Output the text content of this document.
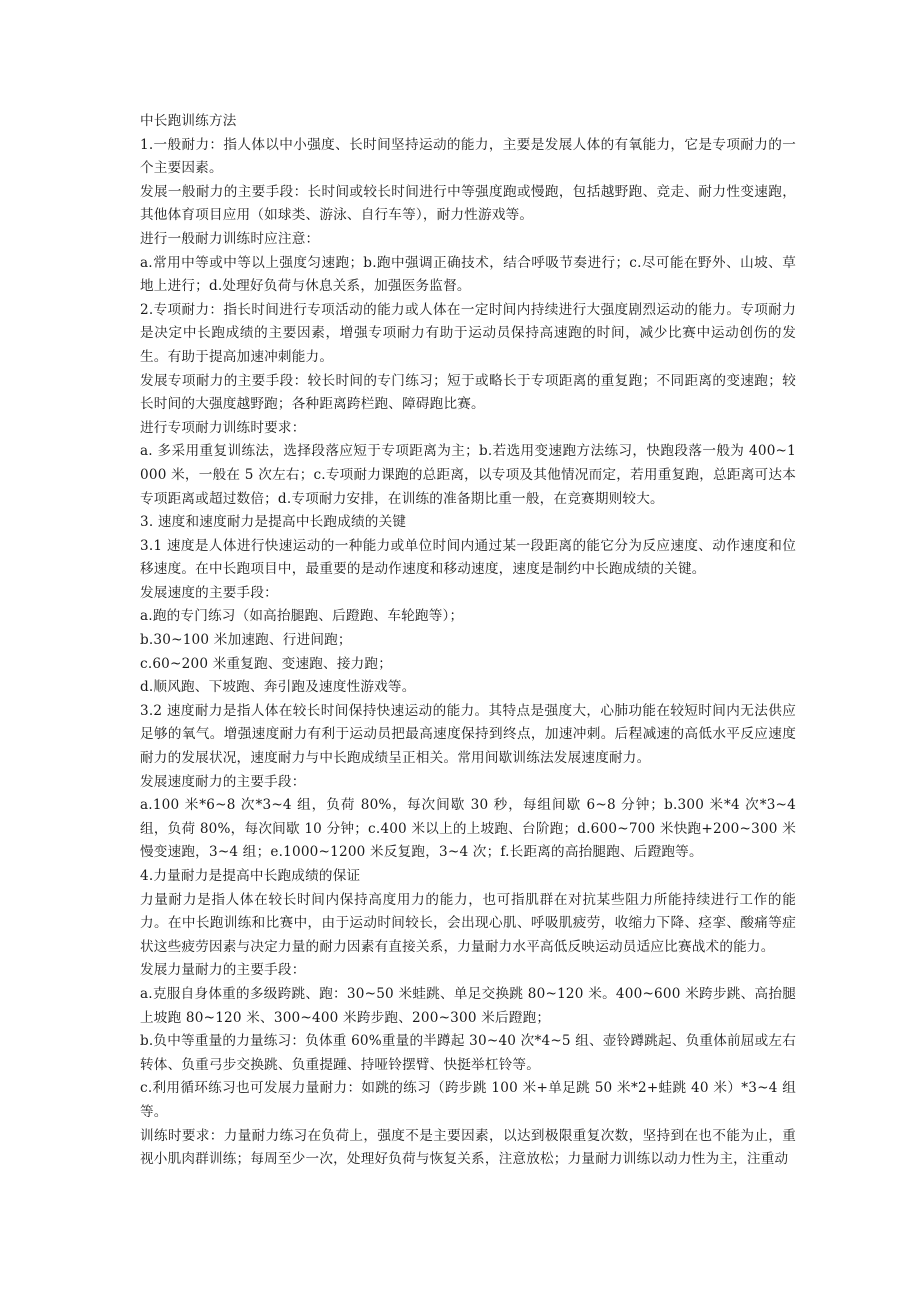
中长跑训练方法

1.一般耐力：指人体以中小强度、长时间坚持运动的能力，主要是发展人体的有氧能力，它是专项耐力的一个主要因素。

发展一般耐力的主要手段：长时间或较长时间进行中等强度跑或慢跑，包括越野跑、竞走、耐力性变速跑，其他体育项目应用（如球类、游泳、自行车等），耐力性游戏等。

进行一般耐力训练时应注意：

a.常用中等或中等以上强度匀速跑；b.跑中强调正确技术，结合呼吸节奏进行；c.尽可能在野外、山坡、草地上进行；d.处理好负荷与休息关系，加强医务监督。

2.专项耐力：指长时间进行专项活动的能力或人体在一定时间内持续进行大强度剧烈运动的能力。专项耐力是决定中长跑成绩的主要因素，增强专项耐力有助于运动员保持高速跑的时间，减少比赛中运动创伤的发生。有助于提高加速冲刺能力。

发展专项耐力的主要手段：较长时间的专门练习；短于或略长于专项距离的重复跑；不同距离的变速跑；较长时间的大强度越野跑；各种距离跨栏跑、障碍跑比赛。

进行专项耐力训练时要求：

a. 多采用重复训练法，选择段落应短于专项距离为主；b.若选用变速跑方法练习，快跑段落一般为 400~1000 米，一般在 5 次左右；c.专项耐力课跑的总距离，以专项及其他情况而定，若用重复跑，总距离可达本专项距离或超过数倍；d.专项耐力安排，在训练的准备期比重一般，在竞赛期则较大。

3. 速度和速度耐力是提高中长跑成绩的关键

3.1 速度是人体进行快速运动的一种能力或单位时间内通过某一段距离的能它分为反应速度、动作速度和位移速度。在中长跑项目中，最重要的是动作速度和移动速度，速度是制约中长跑成绩的关键。

发展速度的主要手段：

a.跑的专门练习（如高抬腿跑、后蹬跑、车轮跑等）；

b.30~100 米加速跑、行进间跑；

c.60~200 米重复跑、变速跑、接力跑；

d.顺风跑、下坡跑、奔引跑及速度性游戏等。

3.2 速度耐力是指人体在较长时间保持快速运动的能力。其特点是强度大，心肺功能在较短时间内无法供应足够的氧气。增强速度耐力有利于运动员把最高速度保持到终点，加速冲刺。后程减速的高低水平反应速度耐力的发展状况，速度耐力与中长跑成绩呈正相关。常用间歇训练法发展速度耐力。

发展速度耐力的主要手段：

a.100 米*6~8 次*3~4 组，负荷 80%，每次间歇 30 秒，每组间歇 6~8 分钟；b.300 米*4 次*3~4 组，负荷 80%，每次间歇 10 分钟；c.400 米以上的上坡跑、台阶跑；d.600~700 米快跑+200~300 米慢变速跑，3~4 组；e.1000~1200 米反复跑，3~4 次；f.长距离的高抬腿跑、后蹬跑等。

4.力量耐力是提高中长跑成绩的保证

力量耐力是指人体在较长时间内保持高度用力的能力，也可指肌群在对抗某些阻力所能持续进行工作的能力。在中长跑训练和比赛中，由于运动时间较长，会出现心肌、呼吸肌疲劳，收缩力下降、痉挛、酸痛等症状这些疲劳因素与决定力量的耐力因素有直接关系，力量耐力水平高低反映运动员适应比赛战术的能力。

发展力量耐力的主要手段：

a.克服自身体重的多级跨跳、跑：30~50 米蛙跳、单足交换跳 80~120 米。400~600 米跨步跳、高抬腿上坡跑 80~120 米、300~400 米跨步跑、200~300 米后蹬跑；

b.负中等重量的力量练习：负体重 60%重量的半蹲起 30~40 次*4~5 组、壶铃蹲跳起、负重体前屈或左右转体、负重弓步交换跳、负重提踵、持哑铃摆臂、快挺举杠铃等。

c.利用循环练习也可发展力量耐力：如跳的练习（跨步跳 100 米+单足跳 50 米*2+蛙跳 40 米）*3~4 组等。

训练时要求：力量耐力练习在负荷上，强度不是主要因素，以达到极限重复次数，坚持到在也不能为止，重视小肌肉群训练；每周至少一次，处理好负荷与恢复关系，注意放松；力量耐力训练以动力性为主，注重动
